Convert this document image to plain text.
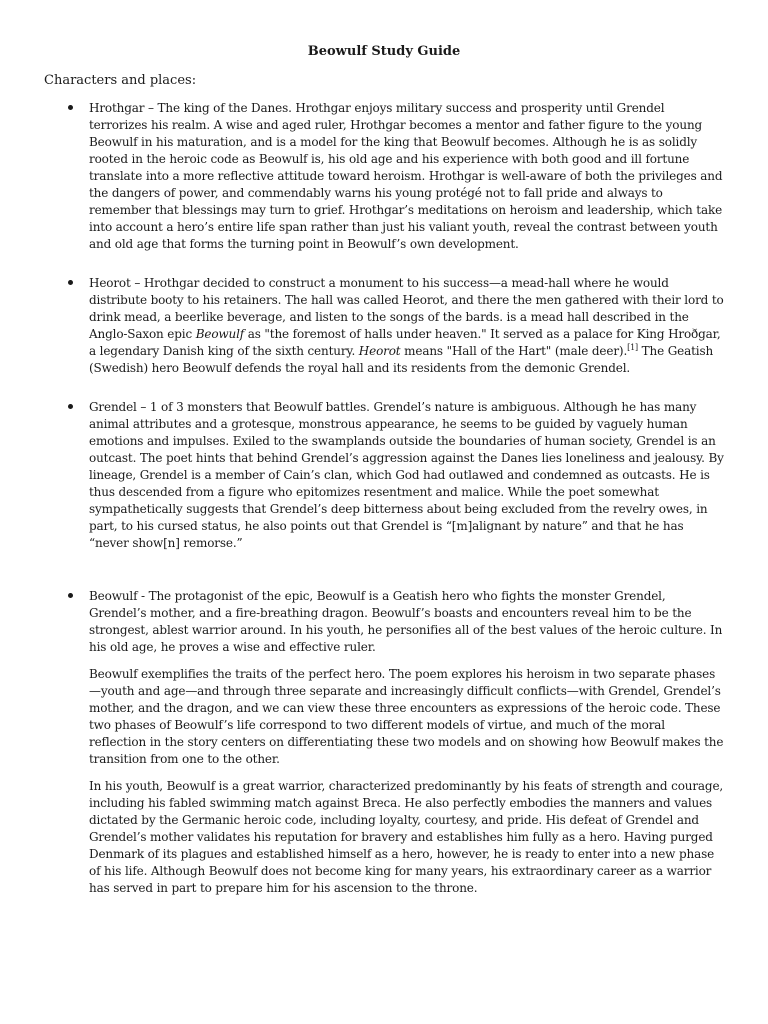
Beowulf Study Guide

Characters and places:

Hrothgar – The king of the Danes. Hrothgar enjoys military success and prosperity until Grendel terrorizes his realm. A wise and aged ruler, Hrothgar becomes a mentor and father figure to the young Beowulf in his maturation, and is a model for the king that Beowulf becomes. Although he is as solidly rooted in the heroic code as Beowulf is, his old age and his experience with both good and ill fortune translate into a more reflective attitude toward heroism. Hrothgar is well-aware of both the privileges and the dangers of power, and commendably warns his young protégé not to fall pride and always to remember that blessings may turn to grief. Hrothgar’s meditations on heroism and leadership, which take into account a hero’s entire life span rather than just his valiant youth, reveal the contrast between youth and old age that forms the turning point in Beowulf’s own development.

Heorot – Hrothgar decided to construct a monument to his success—a mead-hall where he would distribute booty to his retainers. The hall was called Heorot, and there the men gathered with their lord to drink mead, a beerlike beverage, and listen to the songs of the bards. is a mead hall described in the Anglo-Saxon epic Beowulf as "the foremost of halls under heaven." It served as a palace for King Hroðgar, a legendary Danish king of the sixth century. Heorot means "Hall of the Hart" (male deer).[1] The Geatish (Swedish) hero Beowulf defends the royal hall and its residents from the demonic Grendel.

Grendel – 1 of 3 monsters that Beowulf battles. Grendel’s nature is ambiguous. Although he has many animal attributes and a grotesque, monstrous appearance, he seems to be guided by vaguely human emotions and impulses. Exiled to the swamplands outside the boundaries of human society, Grendel is an outcast. The poet hints that behind Grendel’s aggression against the Danes lies loneliness and jealousy. By lineage, Grendel is a member of Cain’s clan, which God had outlawed and condemned as outcasts. He is thus descended from a figure who epitomizes resentment and malice. While the poet somewhat sympathetically suggests that Grendel’s deep bitterness about being excluded from the revelry owes, in part, to his cursed status, he also points out that Grendel is “[m]alignant by nature” and that he has “never show[n] remorse.”

Beowulf - The protagonist of the epic, Beowulf is a Geatish hero who fights the monster Grendel, Grendel’s mother, and a fire-breathing dragon. Beowulf’s boasts and encounters reveal him to be the strongest, ablest warrior around. In his youth, he personifies all of the best values of the heroic culture. In his old age, he proves a wise and effective ruler.

Beowulf exemplifies the traits of the perfect hero. The poem explores his heroism in two separate phases—youth and age—and through three separate and increasingly difficult conflicts—with Grendel, Grendel’s mother, and the dragon, and we can view these three encounters as expressions of the heroic code. These two phases of Beowulf’s life correspond to two different models of virtue, and much of the moral reflection in the story centers on differentiating these two models and on showing how Beowulf makes the transition from one to the other.

In his youth, Beowulf is a great warrior, characterized predominantly by his feats of strength and courage, including his fabled swimming match against Breca. He also perfectly embodies the manners and values dictated by the Germanic heroic code, including loyalty, courtesy, and pride. His defeat of Grendel and Grendel’s mother validates his reputation for bravery and establishes him fully as a hero. Having purged Denmark of its plagues and established himself as a hero, however, he is ready to enter into a new phase of his life. Although Beowulf does not become king for many years, his extraordinary career as a warrior has served in part to prepare him for his ascension to the throne.
